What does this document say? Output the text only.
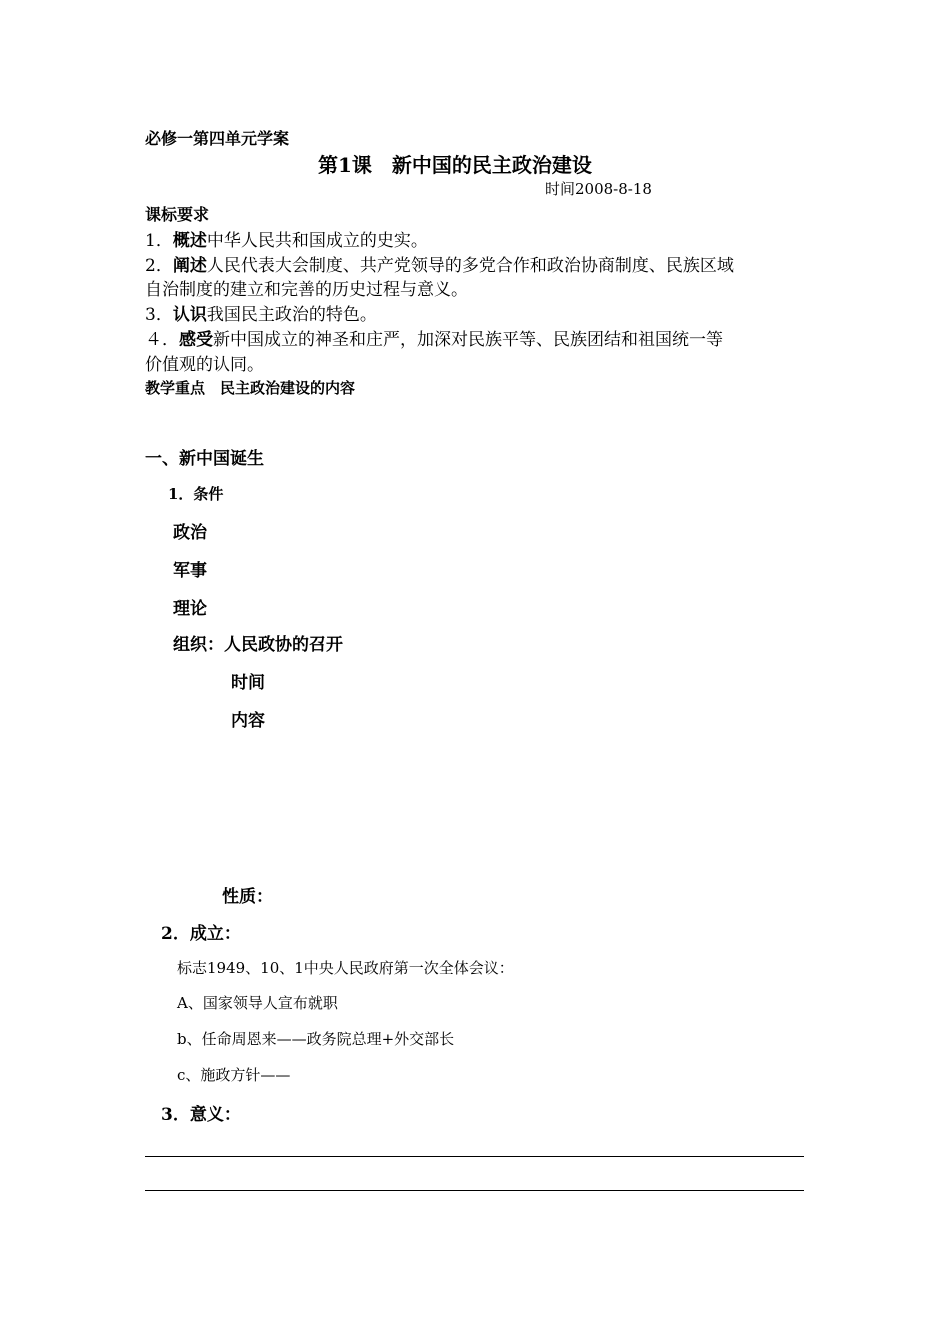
必修一第四单元学案
第1课　新中国的民主政治建设
时间2008-8-18
课标要求
1．概述中华人民共和国成立的史实。
2．阐述人民代表大会制度、共产党领导的多党合作和政治协商制度、民族区域
自治制度的建立和完善的历史过程与意义。
3．认识我国民主政治的特色。
４．感受新中国成立的神圣和庄严，加深对民族平等、民族团结和祖国统一等
价值观的认同。
教学重点　民主政治建设的内容
一、新中国诞生
1．条件
政治
军事
理论
组织：人民政协的召开
时间
内容
性质：
2．成立：
标志1949、10、1中央人民政府第一次全体会议：
A、国家领导人宣布就职
b、任命周恩来——政务院总理+外交部长
c、施政方针——
3．意义：
